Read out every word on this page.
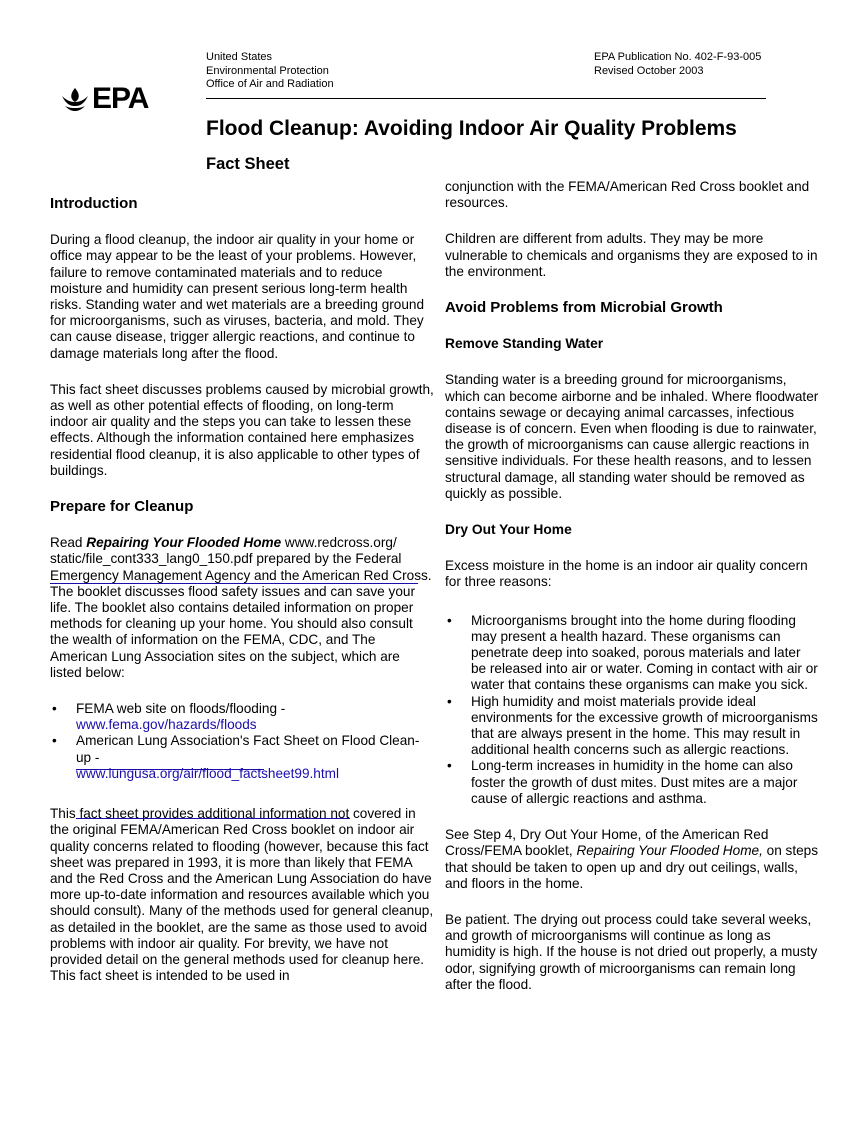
EPA
United States
Environmental Protection
Office of Air and Radiation
EPA Publication No. 402-F-93-005
Revised October 2003
Flood Cleanup: Avoiding Indoor Air Quality Problems
Fact Sheet

Introduction

During a flood cleanup, the indoor air quality in your home or office may appear to be the least of your problems. However, failure to remove contaminated materials and to reduce moisture and humidity can present serious long-term health risks. Standing water and wet materials are a breeding ground for microorganisms, such as viruses, bacteria, and mold. They can cause disease, trigger allergic reactions, and continue to damage materials long after the flood.

This fact sheet discusses problems caused by microbial growth, as well as other potential effects of flooding, on long-term indoor air quality and the steps you can take to lessen these effects. Although the information contained here emphasizes residential flood cleanup, it is also applicable to other types of buildings.

Prepare for Cleanup

Read Repairing Your Flooded Home www.redcross.org/ static/file_cont333_lang0_150.pdf prepared by the Federal Emergency Management Agency and the American Red Cross. The booklet discusses flood safety issues and can save your life. The booklet also contains detailed information on proper methods for cleaning up your home. You should also consult the wealth of information on the FEMA, CDC, and The American Lung Association sites on the subject, which are listed below:

• FEMA web site on floods/flooding -
www.fema.gov/hazards/floods
• American Lung Association's Fact Sheet on Flood Clean-up -
www.lungusa.org/air/flood_factsheet99.html

This fact sheet provides additional information not covered in the original FEMA/American Red Cross booklet on indoor air quality concerns related to flooding (however, because this fact sheet was prepared in 1993, it is more than likely that FEMA and the Red Cross and the American Lung Association do have more up-to-date information and resources available which you should consult). Many of the methods used for general cleanup, as detailed in the booklet, are the same as those used to avoid problems with indoor air quality. For brevity, we have not provided detail on the general methods used for cleanup here. This fact sheet is intended to be used in

conjunction with the FEMA/American Red Cross booklet and resources.

Children are different from adults. They may be more vulnerable to chemicals and organisms they are exposed to in the environment.

Avoid Problems from Microbial Growth

Remove Standing Water

Standing water is a breeding ground for microorganisms, which can become airborne and be inhaled. Where floodwater contains sewage or decaying animal carcasses, infectious disease is of concern. Even when flooding is due to rainwater, the growth of microorganisms can cause allergic reactions in sensitive individuals. For these health reasons, and to lessen structural damage, all standing water should be removed as quickly as possible.

Dry Out Your Home

Excess moisture in the home is an indoor air quality concern for three reasons:

• Microorganisms brought into the home during flooding may present a health hazard. These organisms can penetrate deep into soaked, porous materials and later be released into air or water. Coming in contact with air or water that contains these organisms can make you sick.
• High humidity and moist materials provide ideal environments for the excessive growth of microorganisms that are always present in the home. This may result in additional health concerns such as allergic reactions.
• Long-term increases in humidity in the home can also foster the growth of dust mites. Dust mites are a major cause of allergic reactions and asthma.

See Step 4, Dry Out Your Home, of the American Red Cross/FEMA booklet, Repairing Your Flooded Home, on steps that should be taken to open up and dry out ceilings, walls, and floors in the home.

Be patient. The drying out process could take several weeks, and growth of microorganisms will continue as long as humidity is high. If the house is not dried out properly, a musty odor, signifying growth of microorganisms can remain long after the flood.
